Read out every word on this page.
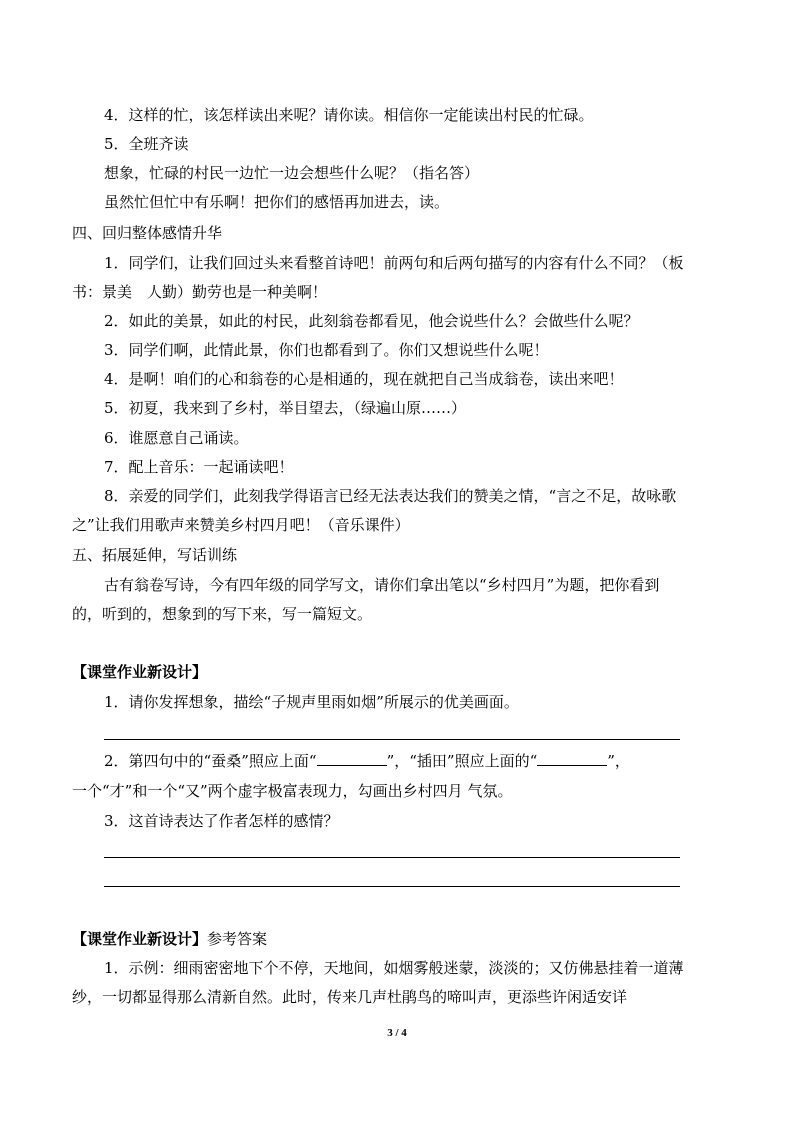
4．这样的忙，该怎样读出来呢？请你读。相信你一定能读出村民的忙碌。
5．全班齐读
想象，忙碌的村民一边忙一边会想些什么呢？（指名答）
虽然忙但忙中有乐啊！把你们的感悟再加进去，读。
四、回归整体感情升华
1．同学们，让我们回过头来看整首诗吧！前两句和后两句描写的内容有什么不同？（板
书：景美　人勤）勤劳也是一种美啊！
2．如此的美景，如此的村民，此刻翁卷都看见，他会说些什么？会做些什么呢？
3．同学们啊，此情此景，你们也都看到了。你们又想说些什么呢！
4．是啊！咱们的心和翁卷的心是相通的，现在就把自己当成翁卷，读出来吧！
5．初夏，我来到了乡村，举目望去，（绿遍山原……）
6．谁愿意自己诵读。
7．配上音乐：一起诵读吧！
8．亲爱的同学们，此刻我学得语言已经无法表达我们的赞美之情，“言之不足，故咏歌
之”让我们用歌声来赞美乡村四月吧！（音乐课件）
五、拓展延伸，写话训练
古有翁卷写诗，今有四年级的同学写文，请你们拿出笔以“乡村四月”为题，把你看到
的，听到的，想象到的写下来，写一篇短文。
【课堂作业新设计】
1．请你发挥想象，描绘“子规声里雨如烟”所展示的优美画面。
2．第四句中的“蚕桑”照应上面“	”，“插田”照应上面的“	”，
一个“才”和一个“又”两个虚字极富表现力，勾画出乡村四月 气氛。
3．这首诗表达了作者怎样的感情？
【课堂作业新设计】参考答案
1．示例：细雨密密地下个不停，天地间，如烟雾般迷蒙，淡淡的；又仿佛悬挂着一道薄
纱，一切都显得那么清新自然。此时，传来几声杜鹃鸟的啼叫声，更添些许闲适安详
3 / 4
